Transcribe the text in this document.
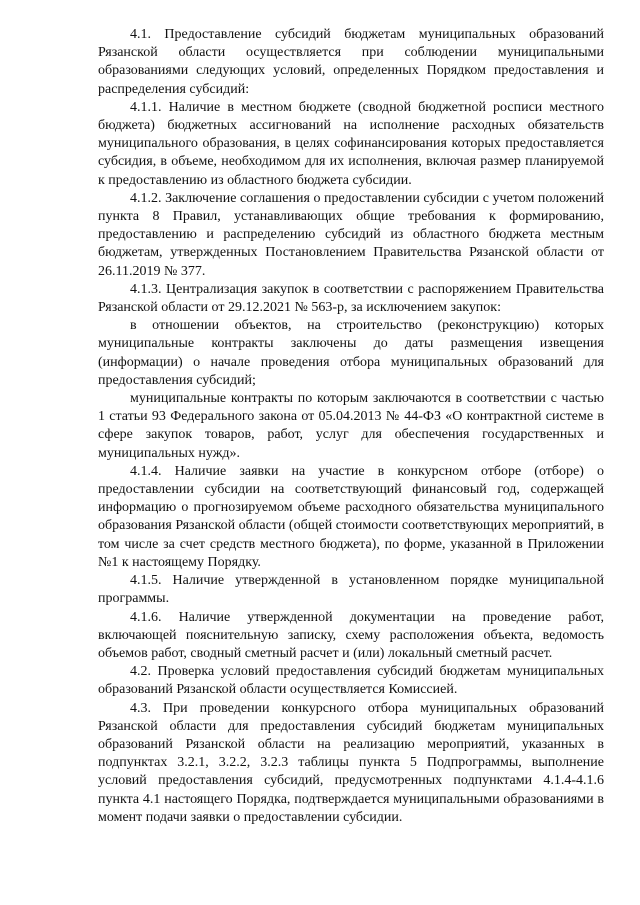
4.1. Предоставление субсидий бюджетам муниципальных образований Рязанской области осуществляется при соблюдении муниципальными образованиями следующих условий, определенных Порядком предоставления и распределения субсидий:

4.1.1. Наличие в местном бюджете (сводной бюджетной росписи местного бюджета) бюджетных ассигнований на исполнение расходных обязательств муниципального образования, в целях софинансирования которых предоставляется субсидия, в объеме, необходимом для их исполнения, включая размер планируемой к предоставлению из областного бюджета субсидии.

4.1.2. Заключение соглашения о предоставлении субсидии с учетом положений пункта 8 Правил, устанавливающих общие требования к формированию, предоставлению и распределению субсидий из областного бюджета местным бюджетам, утвержденных Постановлением Правительства Рязанской области от 26.11.2019 № 377.

4.1.3. Централизация закупок в соответствии с распоряжением Правительства Рязанской области от 29.12.2021 № 563-р, за исключением закупок:

в отношении объектов, на строительство (реконструкцию) которых муниципальные контракты заключены до даты размещения извещения (информации) о начале проведения отбора муниципальных образований для предоставления субсидий;

муниципальные контракты по которым заключаются в соответствии с частью 1 статьи 93 Федерального закона от 05.04.2013 № 44-ФЗ «О контрактной системе в сфере закупок товаров, работ, услуг для обеспечения государственных и муниципальных нужд».

4.1.4. Наличие заявки на участие в конкурсном отборе (отборе) о предоставлении субсидии на соответствующий финансовый год, содержащей информацию о прогнозируемом объеме расходного обязательства муниципального образования Рязанской области (общей стоимости соответствующих мероприятий, в том числе за счет средств местного бюджета), по форме, указанной в Приложении №1 к настоящему Порядку.

4.1.5. Наличие утвержденной в установленном порядке муниципальной программы.

4.1.6. Наличие утвержденной документации на проведение работ, включающей пояснительную записку, схему расположения объекта, ведомость объемов работ, сводный сметный расчет и (или) локальный сметный расчет.

4.2. Проверка условий предоставления субсидий бюджетам муниципальных образований Рязанской области осуществляется Комиссией.

4.3. При проведении конкурсного отбора муниципальных образований Рязанской области для предоставления субсидий бюджетам муниципальных образований Рязанской области на реализацию мероприятий, указанных в подпунктах 3.2.1, 3.2.2, 3.2.3 таблицы пункта 5 Подпрограммы, выполнение условий предоставления субсидий, предусмотренных подпунктами 4.1.4-4.1.6 пункта 4.1 настоящего Порядка, подтверждается муниципальными образованиями в момент подачи заявки о предоставлении субсидии.
